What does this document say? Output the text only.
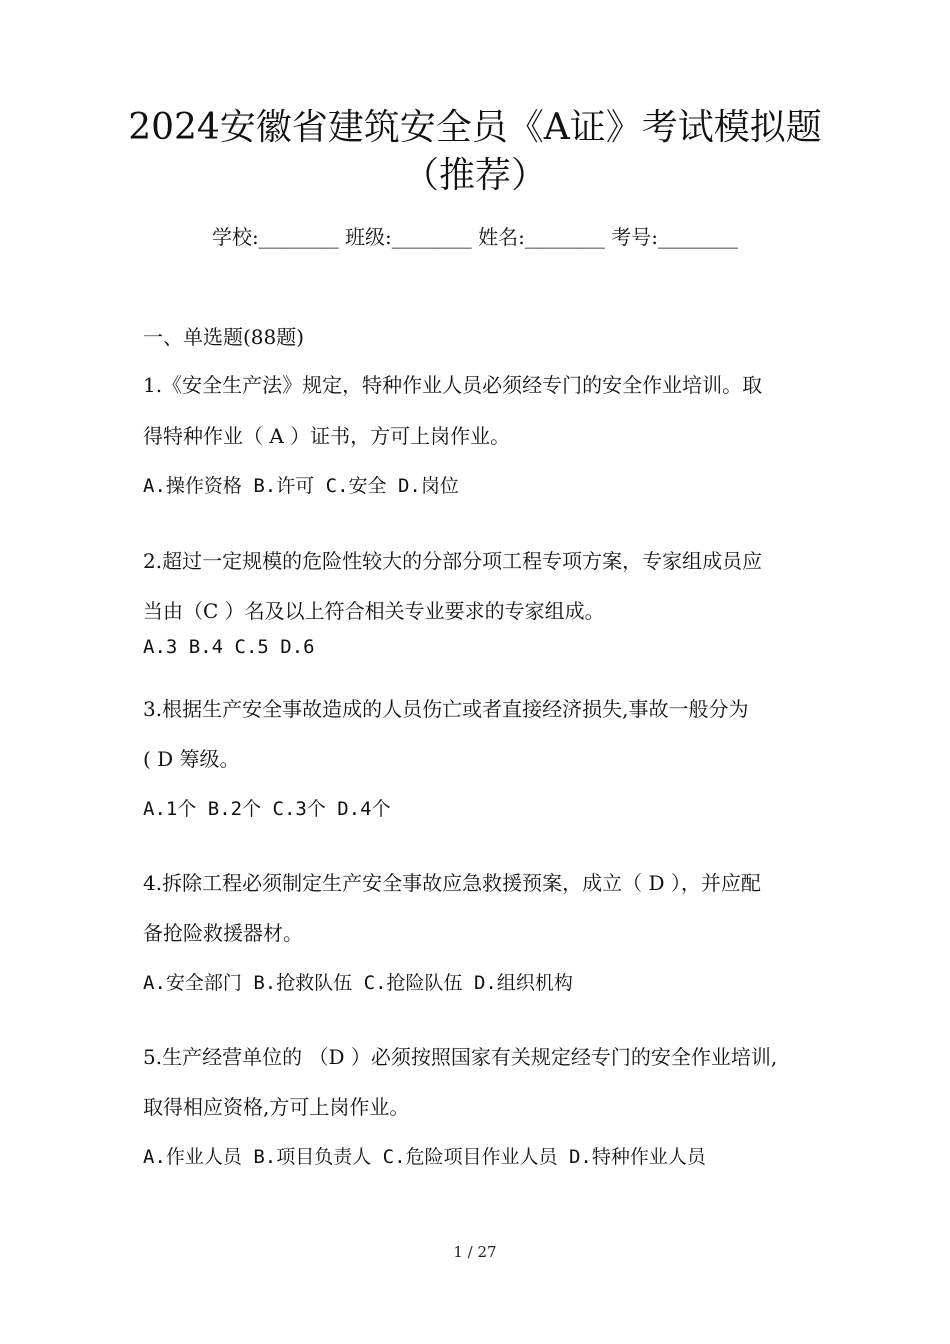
2024安徽省建筑安全员《A证》考试模拟题
（推荐）
学校:________ 班级:________ 姓名:________ 考号:________
一、单选题(88题)
1.《安全生产法》规定，特种作业人员必须经专门的安全作业培训。取
得特种作业（ A ）证书，方可上岗作业。
A.操作资格 B.许可 C.安全 D.岗位
2.超过一定规模的危险性较大的分部分项工程专项方案，专家组成员应
当由（C ）名及以上符合相关专业要求的专家组成。
A.3 B.4 C.5 D.6
3.根据生产安全事故造成的人员伤亡或者直接经济损失,事故一般分为
( D 筹级。
A.1个 B.2个 C.3个 D.4个
4.拆除工程必须制定生产安全事故应急救援预案，成立（ D ），并应配
备抢险救援器材。
A.安全部门 B.抢救队伍 C.抢险队伍 D.组织机构
5.生产经营单位的 （D ）必须按照国家有关规定经专门的安全作业培训,
取得相应资格,方可上岗作业。
A.作业人员 B.项目负责人 C.危险项目作业人员 D.特种作业人员
1 / 27
